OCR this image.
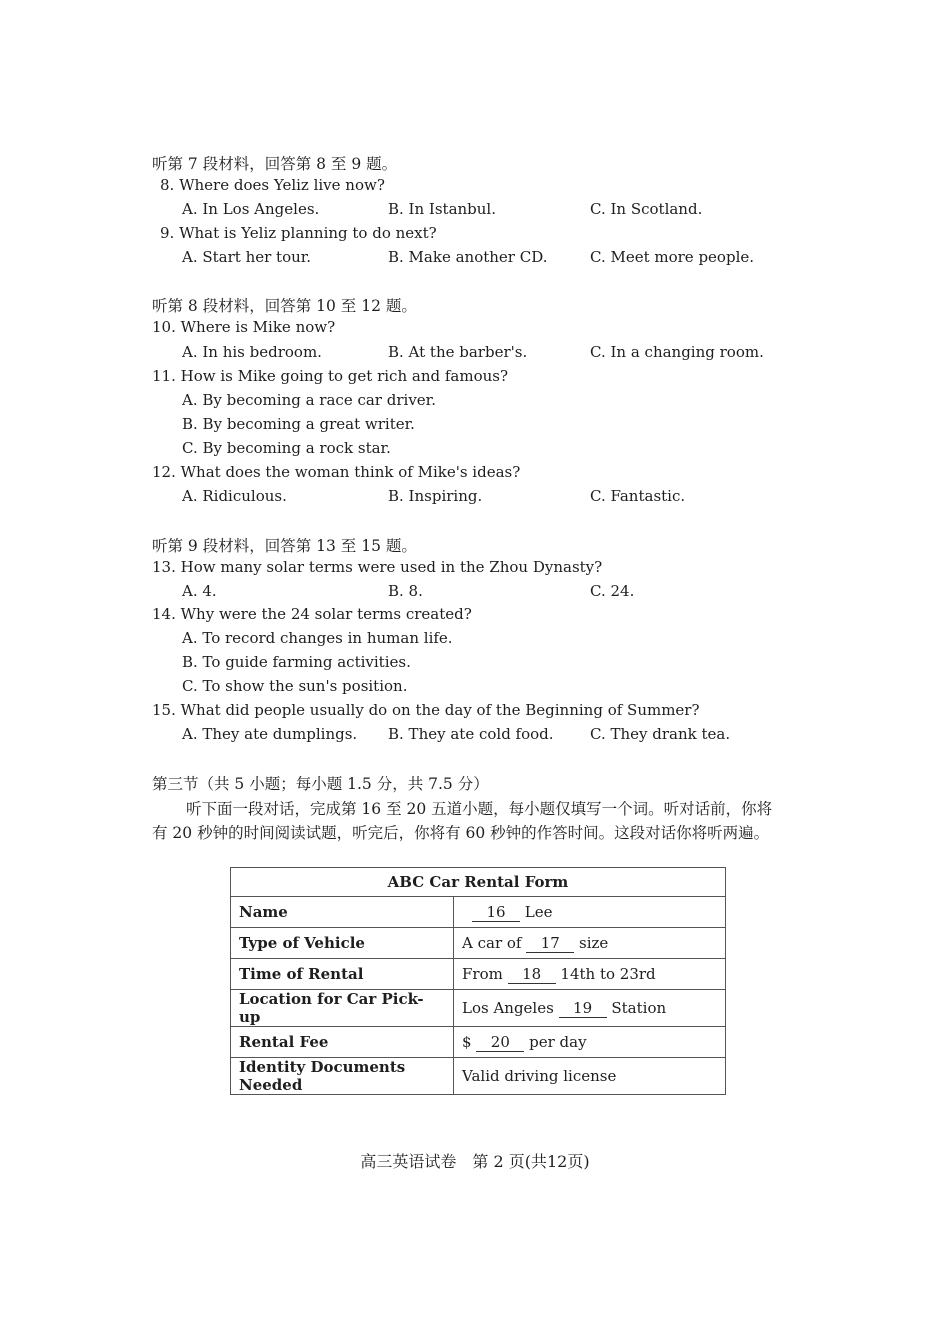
听第 7 段材料，回答第 8 至 9 题。
8. Where does Yeliz live now?
A. In Los Angeles.	B. In Istanbul.	C. In Scotland.
9. What is Yeliz planning to do next?
A. Start her tour.	B. Make another CD.	C. Meet more people.
听第 8 段材料，回答第 10 至 12 题。
10. Where is Mike now?
A. In his bedroom.	B. At the barber's.	C. In a changing room.
11. How is Mike going to get rich and famous?
A. By becoming a race car driver.
B. By becoming a great writer.
C. By becoming a rock star.
12. What does the woman think of Mike's ideas?
A. Ridiculous.	B. Inspiring.	C. Fantastic.
听第 9 段材料，回答第 13 至 15 题。
13. How many solar terms were used in the Zhou Dynasty?
A. 4.	B. 8.	C. 24.
14. Why were the 24 solar terms created?
A. To record changes in human life.
B. To guide farming activities.
C. To show the sun's position.
15. What did people usually do on the day of the Beginning of Summer?
A. They ate dumplings. B. They ate cold food. C. They drank tea.
第三节（共 5 小题；每小题 1.5 分，共 7.5 分）
听下面一段对话，完成第 16 至 20 五道小题，每小题仅填写一个词。听对话前，你将
有 20 秒钟的时间阅读试题，听完后，你将有 60 秒钟的作答时间。这段对话你将听两遍。
ABC Car Rental Form	
Name	16 Lee
Type of Vehicle	A car of 17 size
Time of Rental	From 18 14th to 23rd
Location for Car Pick-up	Los Angeles 19 Station
Rental Fee	$ 20 per day
Identity Documents Needed	Valid driving license
高三英语试卷　第 2 页(共12页)
